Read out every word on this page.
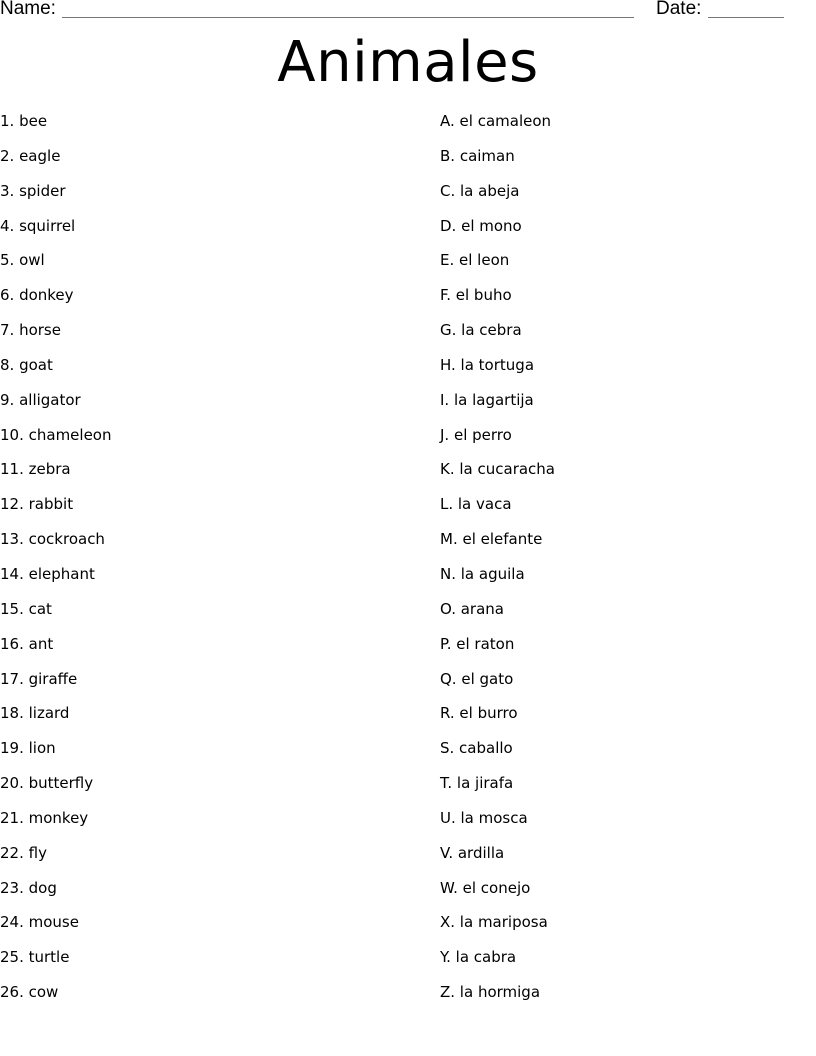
Name:	Date:
Animales
1. bee
2. eagle
3. spider
4. squirrel
5. owl
6. donkey
7. horse
8. goat
9. alligator
10. chameleon
11. zebra
12. rabbit
13. cockroach
14. elephant
15. cat
16. ant
17. giraffe
18. lizard
19. lion
20. butterfly
21. monkey
22. fly
23. dog
24. mouse
25. turtle
26. cow
A. el camaleon
B. caiman
C. la abeja
D. el mono
E. el leon
F. el buho
G. la cebra
H. la tortuga
I. la lagartija
J. el perro
K. la cucaracha
L. la vaca
M. el elefante
N. la aguila
O. arana
P. el raton
Q. el gato
R. el burro
S. caballo
T. la jirafa
U. la mosca
V. ardilla
W. el conejo
X. la mariposa
Y. la cabra
Z. la hormiga
